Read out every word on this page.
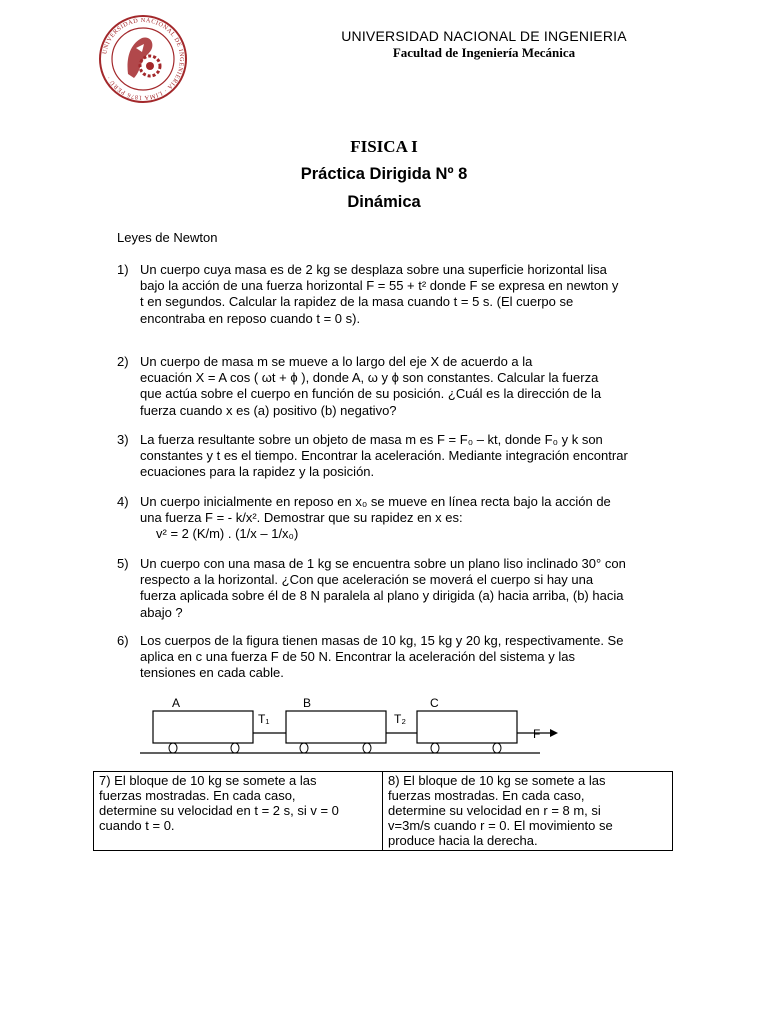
UNIVERSIDAD NACIONAL DE INGENIERIA · LIMA 1876 PERÚ ·
UNIVERSIDAD NACIONAL DE INGENIERIA
Facultad de Ingeniería Mecánica
FISICA I
Práctica Dirigida Nº 8
Dinámica
Leyes de Newton
1) Un cuerpo cuya masa es de 2 kg se desplaza sobre una superficie horizontal lisa
bajo la acción de una fuerza horizontal F = 55 + t² donde F se expresa en newton y
t en segundos. Calcular la rapidez de la masa cuando t = 5 s. (El cuerpo se
encontraba en reposo cuando t = 0 s).
2) Un cuerpo de masa m se mueve a lo largo del eje X de acuerdo a la
ecuación X = A cos ( ωt + ϕ ), donde A, ω y ϕ son constantes. Calcular la fuerza
que actúa sobre el cuerpo en función de su posición. ¿Cuál es la dirección de la
fuerza cuando x es (a) positivo (b) negativo?
3) La fuerza resultante sobre un objeto de masa m es F = F₀ – kt, donde F₀ y k son
constantes y t es el tiempo. Encontrar la aceleración. Mediante integración encontrar
ecuaciones para la rapidez y la posición.
4) Un cuerpo inicialmente en reposo en x₀ se mueve en línea recta bajo la acción de
una fuerza F = - k/x². Demostrar que su rapidez en x es:
v² = 2 (K/m) . (1/x – 1/x₀)
5) Un cuerpo con una masa de 1 kg se encuentra sobre un plano liso inclinado 30° con
respecto a la horizontal. ¿Con que aceleración se moverá el cuerpo si hay una
fuerza aplicada sobre él de 8 N paralela al plano y dirigida (a) hacia arriba, (b) hacia
abajo ?
6) Los cuerpos de la figura tienen masas de 10 kg, 15 kg y 20 kg, respectivamente. Se
aplica en c una fuerza F de 50 N. Encontrar la aceleración del sistema y las
tensiones en cada cable.
A	B	C
T₁	T₂
F
7) El bloque de 10 kg se somete a las
fuerzas mostradas. En cada caso,
determine su velocidad en t = 2 s, si v = 0
cuando t = 0.
8) El bloque de 10 kg se somete a las
fuerzas mostradas. En cada caso,
determine su velocidad en r = 8 m, si
v=3m/s cuando r = 0. El movimiento se
produce hacia la derecha.
